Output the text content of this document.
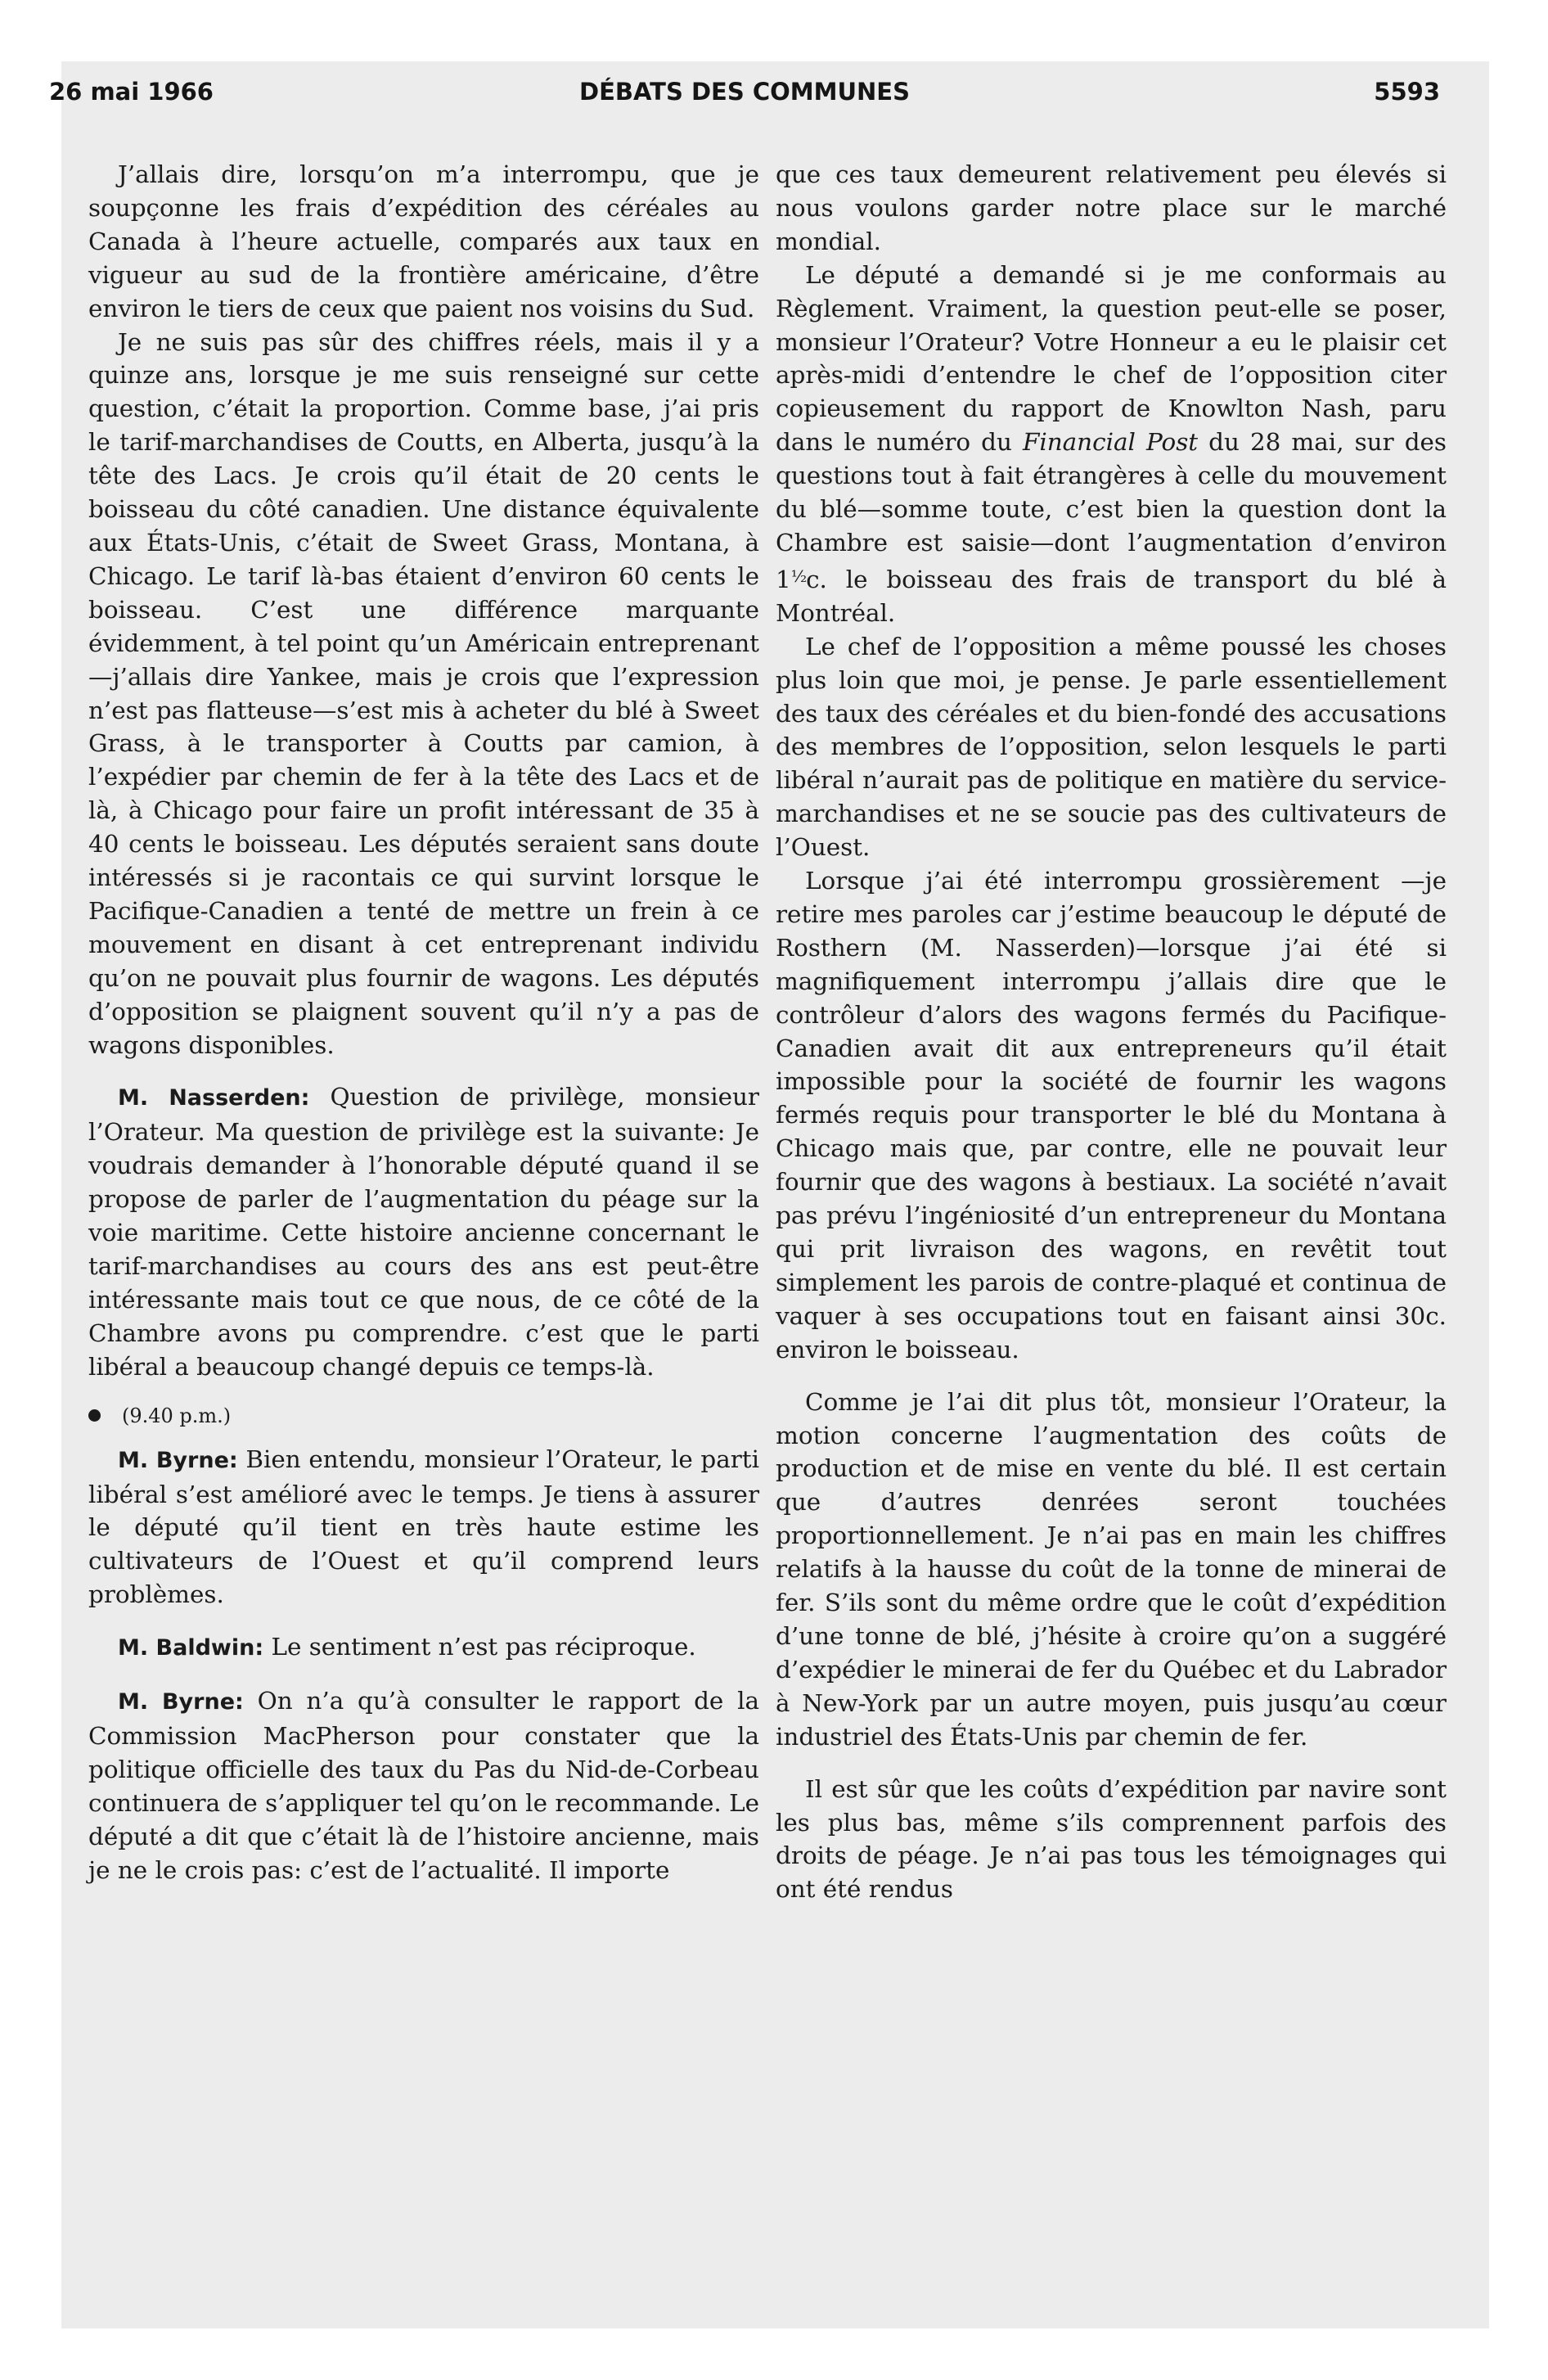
26 mai 1966	DÉBATS DES COMMUNES	5593

J’allais dire, lorsqu’on m’a interrompu, que je soupçonne les frais d’expédition des céréales au Canada à l’heure actuelle, comparés aux taux en vigueur au sud de la frontière américaine, d’être environ le tiers de ceux que paient nos voisins du Sud.

Je ne suis pas sûr des chiffres réels, mais il y a quinze ans, lorsque je me suis renseigné sur cette question, c’était la proportion. Comme base, j’ai pris le tarif-marchandises de Coutts, en Alberta, jusqu’à la tête des Lacs. Je crois qu’il était de 20 cents le boisseau du côté canadien. Une distance équivalente aux États-Unis, c’était de Sweet Grass, Montana, à Chicago. Le tarif là-bas étaient d’environ 60 cents le boisseau. C’est une différence marquante évidemment, à tel point qu’un Américain entreprenant—j’allais dire Yankee, mais je crois que l’expression n’est pas flatteuse—s’est mis à acheter du blé à Sweet Grass, à le transporter à Coutts par camion, à l’expédier par chemin de fer à la tête des Lacs et de là, à Chicago pour faire un profit intéressant de 35 à 40 cents le boisseau. Les députés seraient sans doute intéressés si je racontais ce qui survint lorsque le Pacifique-Canadien a tenté de mettre un frein à ce mouvement en disant à cet entreprenant individu qu’on ne pouvait plus fournir de wagons. Les députés d’opposition se plaignent souvent qu’il n’y a pas de wagons disponibles.

M. Nasserden: Question de privilège, monsieur l’Orateur. Ma question de privilège est la suivante: Je voudrais demander à l’honorable député quand il se propose de parler de l’augmentation du péage sur la voie maritime. Cette histoire ancienne concernant le tarif-marchandises au cours des ans est peut-être intéressante mais tout ce que nous, de ce côté de la Chambre avons pu comprendre. c’est que le parti libéral a beaucoup changé depuis ce temps-là.

(9.40 p.m.)

M. Byrne: Bien entendu, monsieur l’Orateur, le parti libéral s’est amélioré avec le temps. Je tiens à assurer le député qu’il tient en très haute estime les cultivateurs de l’Ouest et qu’il comprend leurs problèmes.

M. Baldwin: Le sentiment n’est pas réciproque.

M. Byrne: On n’a qu’à consulter le rapport de la Commission MacPherson pour constater que la politique officielle des taux du Pas du Nid-de-Corbeau continuera de s’appliquer tel qu’on le recommande. Le député a dit que c’était là de l’histoire ancienne, mais je ne le crois pas: c’est de l’actualité. Il importe

que ces taux demeurent relativement peu élevés si nous voulons garder notre place sur le marché mondial.

Le député a demandé si je me conformais au Règlement. Vraiment, la question peut-elle se poser, monsieur l’Orateur? Votre Honneur a eu le plaisir cet après-midi d’entendre le chef de l’opposition citer copieusement du rapport de Knowlton Nash, paru dans le numéro du Financial Post du 28 mai, sur des questions tout à fait étrangères à celle du mouvement du blé—somme toute, c’est bien la question dont la Chambre est saisie—dont l’augmentation d’environ $1^{\frac{1}{2}}c$. le boisseau des frais de transport du blé à Montréal.

Le chef de l’opposition a même poussé les choses plus loin que moi, je pense. Je parle essentiellement des taux des céréales et du bien-fondé des accusations des membres de l’opposition, selon lesquels le parti libéral n’aurait pas de politique en matière du service-marchandises et ne se soucie pas des cultivateurs de l’Ouest.

Lorsque j’ai été interrompu grossièrement —je retire mes paroles car j’estime beaucoup le député de Rosthern (M. Nasserden)—lorsque j’ai été si magnifiquement interrompu j’allais dire que le contrôleur d’alors des wagons fermés du Pacifique-Canadien avait dit aux entrepreneurs qu’il était impossible pour la société de fournir les wagons fermés requis pour transporter le blé du Montana à Chicago mais que, par contre, elle ne pouvait leur fournir que des wagons à bestiaux. La société n’avait pas prévu l’ingéniosité d’un entrepreneur du Montana qui prit livraison des wagons, en revêtit tout simplement les parois de contre-plaqué et continua de vaquer à ses occupations tout en faisant ainsi 30c. environ le boisseau.

Comme je l’ai dit plus tôt, monsieur l’Orateur, la motion concerne l’augmentation des coûts de production et de mise en vente du blé. Il est certain que d’autres denrées seront touchées proportionnellement. Je n’ai pas en main les chiffres relatifs à la hausse du coût de la tonne de minerai de fer. S’ils sont du même ordre que le coût d’expédition d’une tonne de blé, j’hésite à croire qu’on a suggéré d’expédier le minerai de fer du Québec et du Labrador à New-York par un autre moyen, puis jusqu’au cœur industriel des États-Unis par chemin de fer.

Il est sûr que les coûts d’expédition par navire sont les plus bas, même s’ils comprennent parfois des droits de péage. Je n’ai pas tous les témoignages qui ont été rendus
